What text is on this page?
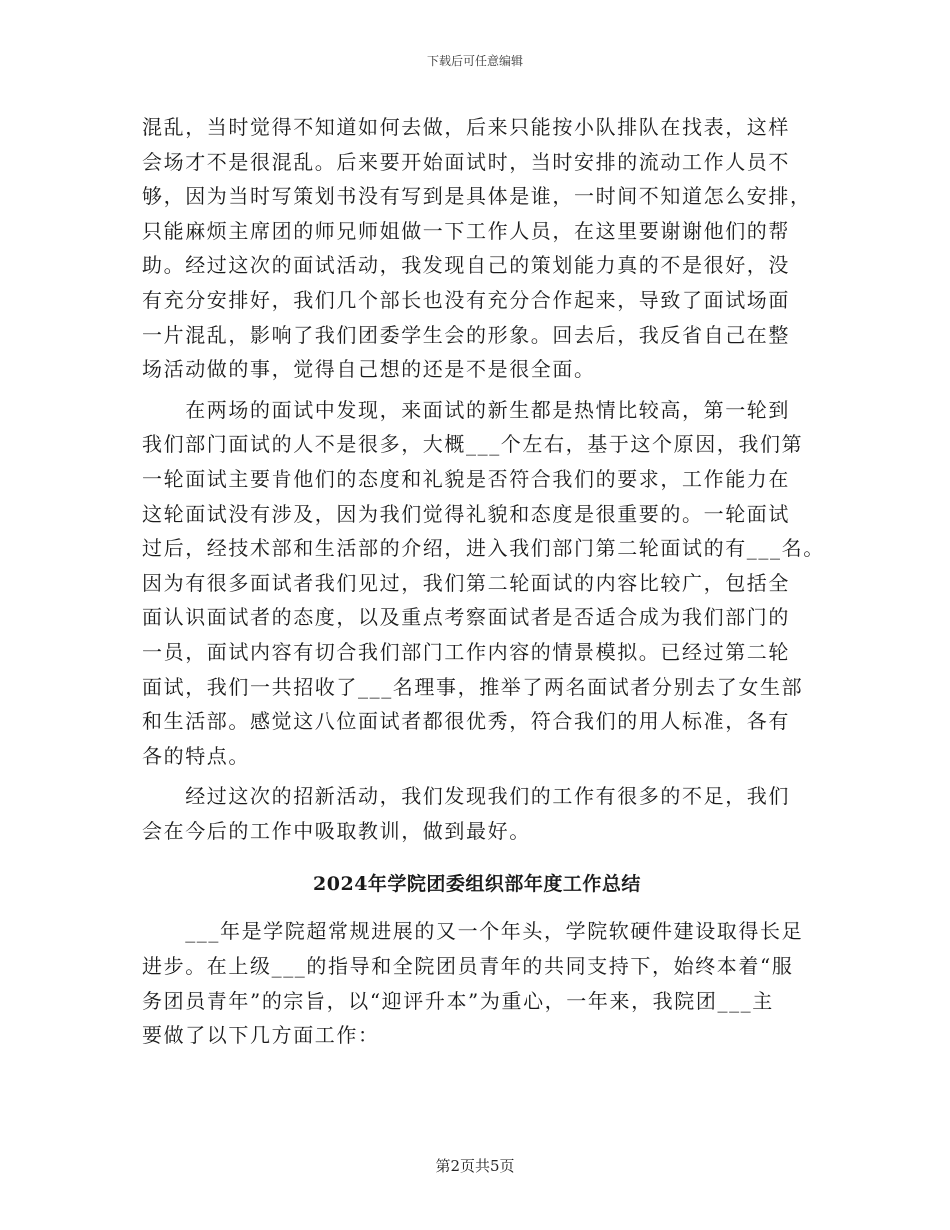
下载后可任意编辑
混乱，当时觉得不知道如何去做，后来只能按小队排队在找表，这样
会场才不是很混乱。后来要开始面试时，当时安排的流动工作人员不
够，因为当时写策划书没有写到是具体是谁，一时间不知道怎么安排，
只能麻烦主席团的师兄师姐做一下工作人员，在这里要谢谢他们的帮
助。经过这次的面试活动，我发现自己的策划能力真的不是很好，没
有充分安排好，我们几个部长也没有充分合作起来，导致了面试场面
一片混乱，影响了我们团委学生会的形象。回去后，我反省自己在整
场活动做的事，觉得自己想的还是不是很全面。
　　在两场的面试中发现，来面试的新生都是热情比较高，第一轮到
我们部门面试的人不是很多，大概___个左右，基于这个原因，我们第
一轮面试主要肯他们的态度和礼貌是否符合我们的要求，工作能力在
这轮面试没有涉及，因为我们觉得礼貌和态度是很重要的。一轮面试
过后，经技术部和生活部的介绍，进入我们部门第二轮面试的有___名。
因为有很多面试者我们见过，我们第二轮面试的内容比较广，包括全
面认识面试者的态度，以及重点考察面试者是否适合成为我们部门的
一员，面试内容有切合我们部门工作内容的情景模拟。已经过第二轮
面试，我们一共招收了___名理事，推举了两名面试者分别去了女生部
和生活部。感觉这八位面试者都很优秀，符合我们的用人标准，各有
各的特点。
　　经过这次的招新活动，我们发现我们的工作有很多的不足，我们
会在今后的工作中吸取教训，做到最好。
2024年学院团委组织部年度工作总结
　　___年是学院超常规进展的又一个年头，学院软硬件建设取得长足
进步。在上级___的指导和全院团员青年的共同支持下，始终本着“服
务团员青年”的宗旨，以“迎评升本”为重心，一年来，我院团___主
要做了以下几方面工作：
第2页共5页
